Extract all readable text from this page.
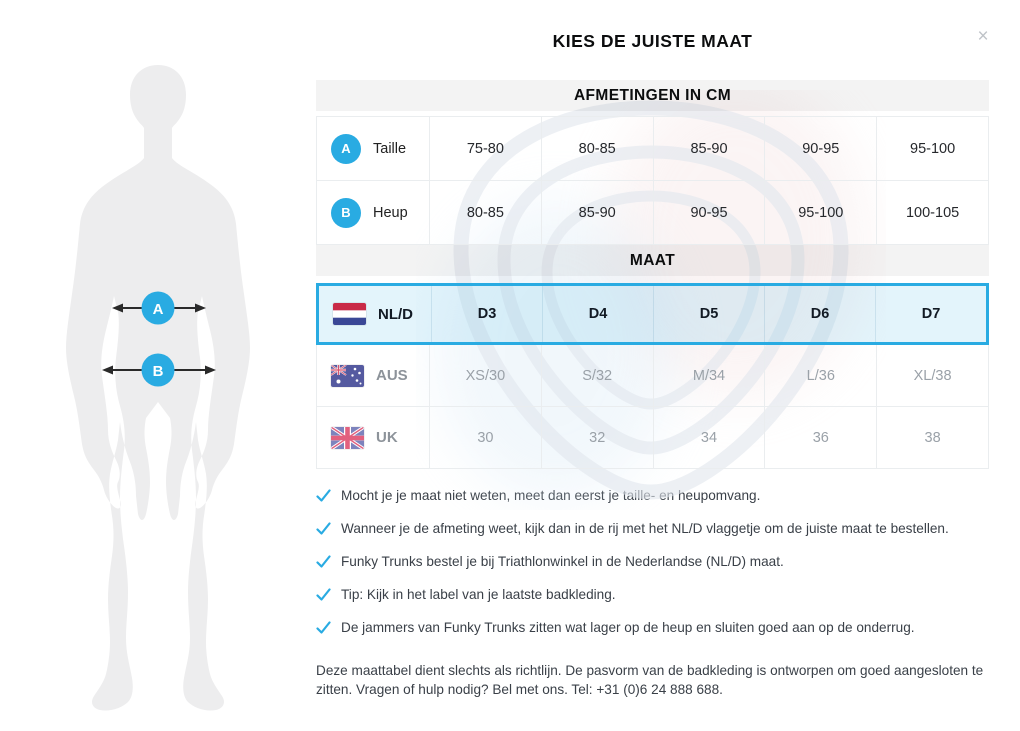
×
A
B
KIES DE JUISTE MAAT
AFMETINGEN IN CM
A	Taille	75-80	80-85	85-90	90-95	95-100
B	Heup	80-85	85-90	90-95	95-100	100-105
MAAT
NL/D	D3	D4	D5	D6	D7
AUS	XS/30	S/32	M/34	L/36	XL/38
UK	30	32	34	36	38
Mocht je je maat niet weten, meet dan eerst je taille- en heupomvang.
Wanneer je de afmeting weet, kijk dan in de rij met het NL/D vlaggetje om de juiste maat te bestellen.
Funky Trunks bestel je bij Triathlonwinkel in de Nederlandse (NL/D) maat.
Tip: Kijk in het label van je laatste badkleding.
De jammers van Funky Trunks zitten wat lager op de heup en sluiten goed aan op de onderrug.

Deze maattabel dient slechts als richtlijn. De pasvorm van de badkleding is ontworpen om goed aangesloten te zitten. Vragen of hulp nodig? Bel met ons. Tel: +31 (0)6 24 888 688.
